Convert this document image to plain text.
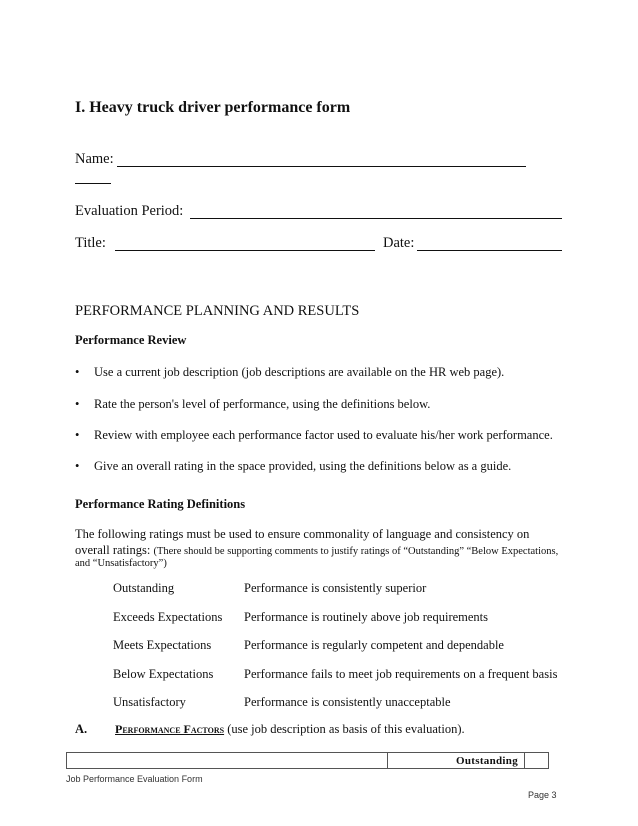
I. Heavy truck driver performance form
Name:
Evaluation Period:
Title:	Date:
PERFORMANCE PLANNING AND RESULTS
Performance Review
• Use a current job description (job descriptions are available on the HR web page).
• Rate the person's level of performance, using the definitions below.
• Review with employee each performance factor used to evaluate his/her work performance.
• Give an overall rating in the space provided, using the definitions below as a guide.
Performance Rating Definitions
The following ratings must be used to ensure commonality of language and consistency on
overall ratings: (There should be supporting comments to justify ratings of “Outstanding” “Below Expectations,
and “Unsatisfactory”)
Outstanding	Performance is consistently superior
Exceeds Expectations Performance is routinely above job requirements
Meets Expectations	Performance is regularly competent and dependable
Below Expectations Performance fails to meet job requirements on a frequent basis
Unsatisfactory	Performance is consistently unacceptable
A. Performance Factors (use job description as basis of this evaluation).
Outstanding
Job Performance Evaluation Form
Page 3
